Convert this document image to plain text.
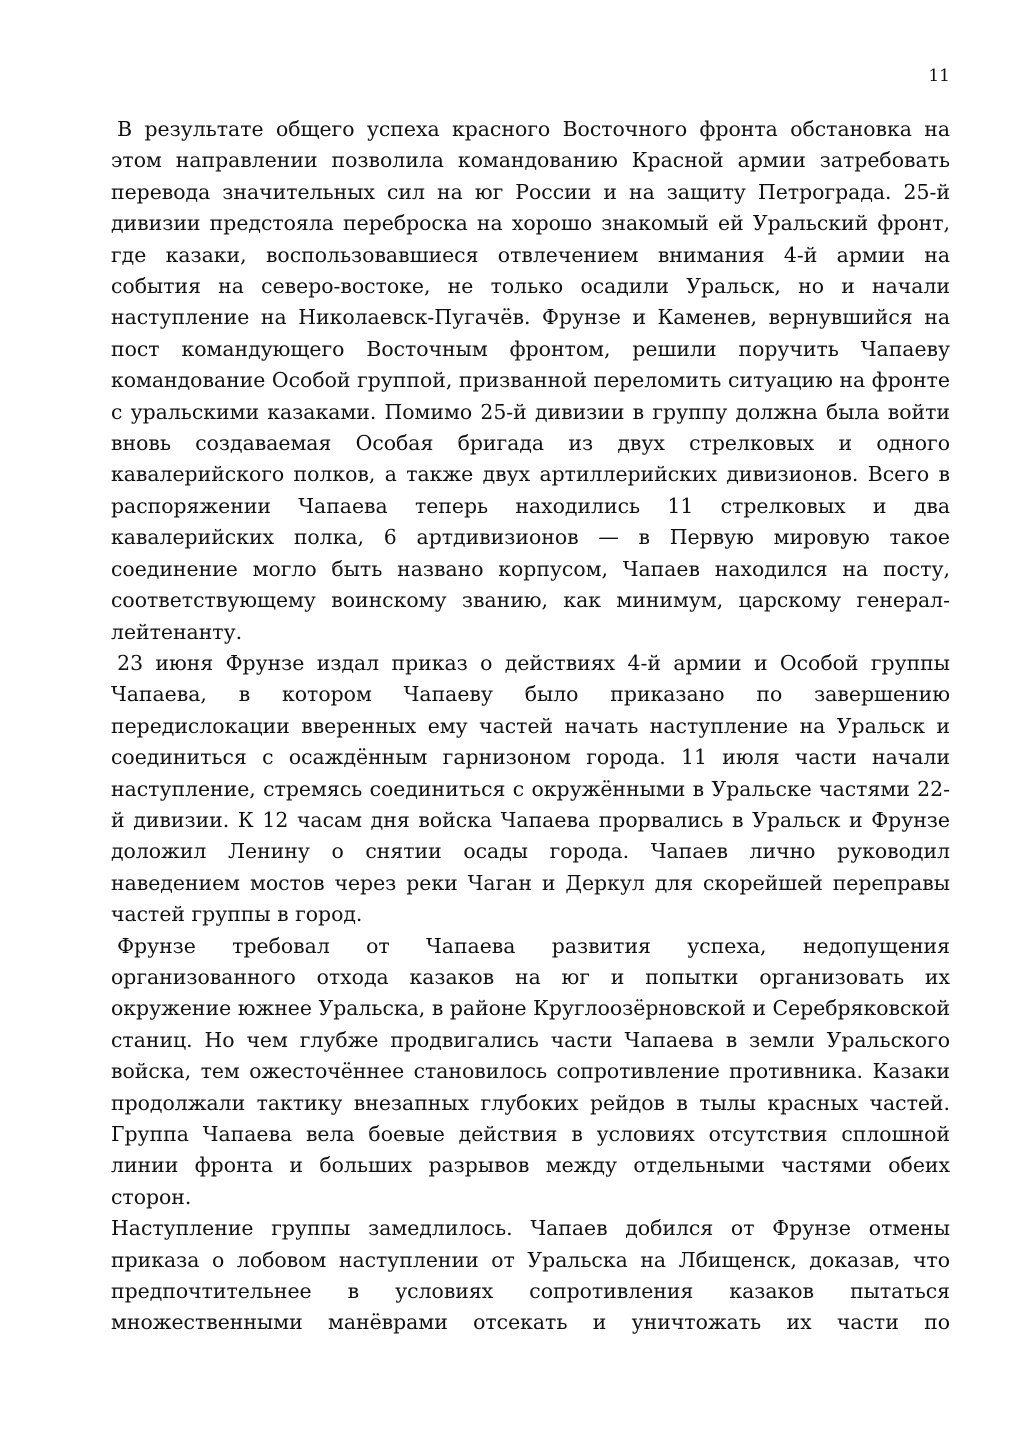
11

В результате общего успеха красного Восточного фронта обстановка на этом направлении позволила командованию Красной армии затребовать перевода значительных сил на юг России и на защиту Петрограда. 25-й дивизии предстояла переброска на хорошо знакомый ей Уральский фронт, где казаки, воспользовавшиеся отвлечением внимания 4-й армии на события на северо-востоке, не только осадили Уральск, но и начали наступление на Николаевск-Пугачёв. Фрунзе и Каменев, вернувшийся на пост командующего Восточным фронтом, решили поручить Чапаеву командование Особой группой, призванной переломить ситуацию на фронте с уральскими казаками. Помимо 25-й дивизии в группу должна была войти вновь создаваемая Особая бригада из двух стрелковых и одного кавалерийского полков, а также двух артиллерийских дивизионов. Всего в распоряжении Чапаева теперь находились 11 стрелковых и два кавалерийских полка, 6 артдивизионов — в Первую мировую такое соединение могло быть названо корпусом, Чапаев находился на посту, соответствующему воинскому званию, как минимум, царскому генерал-лейтенанту.

23 июня Фрунзе издал приказ о действиях 4-й армии и Особой группы Чапаева, в котором Чапаеву было приказано по завершению передислокации вверенных ему частей начать наступление на Уральск и соединиться с осаждённым гарнизоном города. 11 июля части начали наступление, стремясь соединиться с окружёнными в Уральске частями 22-й дивизии. К 12 часам дня войска Чапаева прорвались в Уральск и Фрунзе доложил Ленину о снятии осады города. Чапаев лично руководил наведением мостов через реки Чаган и Деркул для скорейшей переправы частей группы в город.

Фрунзе требовал от Чапаева развития успеха, недопущения организованного отхода казаков на юг и попытки организовать их окружение южнее Уральска, в районе Круглоозёрновской и Серебряковской станиц. Но чем глубже продвигались части Чапаева в земли Уральского войска, тем ожесточённее становилось сопротивление противника. Казаки продолжали тактику внезапных глубоких рейдов в тылы красных частей. Группа Чапаева вела боевые действия в условиях отсутствия сплошной линии фронта и больших разрывов между отдельными частями обеих сторон.

Наступление группы замедлилось. Чапаев добился от Фрунзе отмены приказа о лобовом наступлении от Уральска на Лбищенск, доказав, что предпочтительнее в условиях сопротивления казаков пытаться множественными манёврами отсекать и уничтожать их части по
